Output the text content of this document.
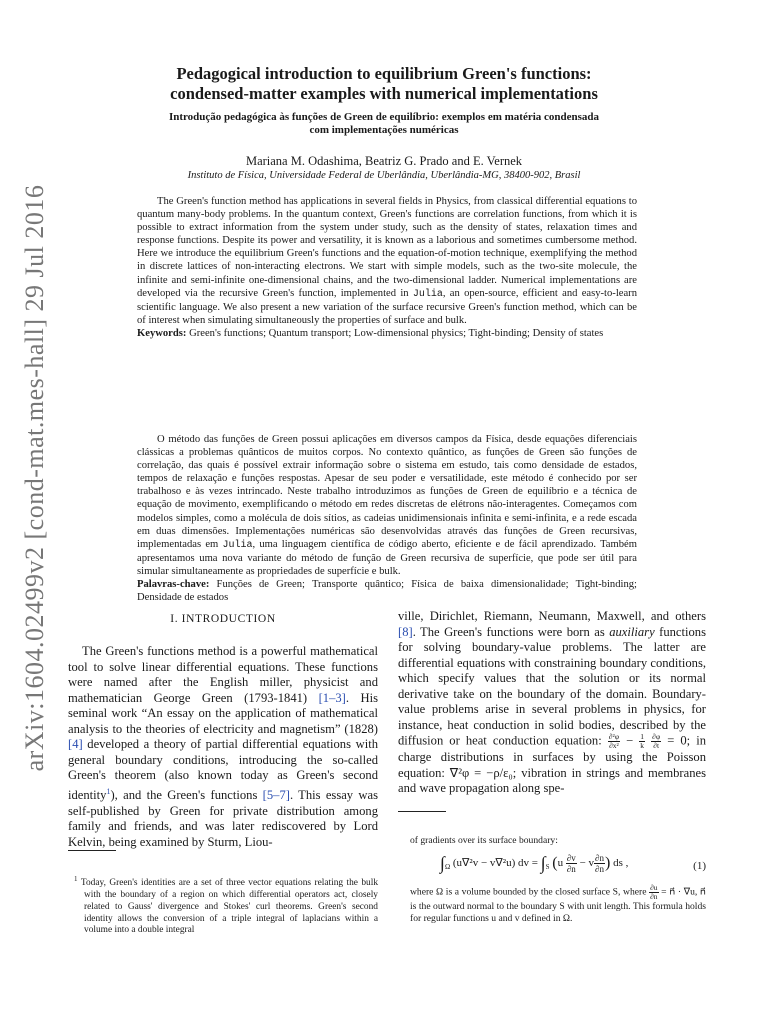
arXiv:1604.02499v2 [cond-mat.mes-hall] 29 Jul 2016
Pedagogical introduction to equilibrium Green's functions:
condensed-matter examples with numerical implementations
Introdução pedagógica às funções de Green de equilíbrio: exemplos em matéria condensada
com implementações numéricas
Mariana M. Odashima, Beatriz G. Prado and E. Vernek
Instituto de Física, Universidade Federal de Uberlândia, Uberlândia-MG, 38400-902, Brasil

The Green's function method has applications in several fields in Physics, from classical differential equations to quantum many-body problems. In the quantum context, Green's functions are correlation functions, from which it is possible to extract information from the system under study, such as the density of states, relaxation times and response functions. Despite its power and versatility, it is known as a laborious and sometimes cumbersome method. Here we introduce the equilibrium Green's functions and the equation-of-motion technique, exemplifying the method in discrete lattices of non-interacting electrons. We start with simple models, such as the two-site molecule, the infinite and semi-infinite one-dimensional chains, and the two-dimensional ladder. Numerical implementations are developed via the recursive Green's function, implemented in Julia, an open-source, efficient and easy-to-learn scientific language. We also present a new variation of the surface recursive Green's function method, which can be of interest when simulating simultaneously the properties of surface and bulk.

Keywords: Green's functions; Quantum transport; Low-dimensional physics; Tight-binding; Density of states

O método das funções de Green possui aplicações em diversos campos da Física, desde equações diferenciais clássicas a problemas quânticos de muitos corpos. No contexto quântico, as funções de Green são funções de correlação, das quais é possível extrair informação sobre o sistema em estudo, tais como densidade de estados, tempos de relaxação e funções respostas. Apesar de seu poder e versatilidade, este método é conhecido por ser trabalhoso e às vezes intrincado. Neste trabalho introduzimos as funções de Green de equilíbrio e a técnica de equação de movimento, exemplificando o método em redes discretas de elétrons não-interagentes. Começamos com modelos simples, como a molécula de dois sítios, as cadeias unidimensionais infinita e semi-infinita, e a rede escada em duas dimensões. Implementações numéricas são desenvolvidas através das funções de Green recursivas, implementadas em Julia, uma linguagem científica de código aberto, eficiente e de fácil aprendizado. Também apresentamos uma nova variante do método de função de Green recursiva de superfície, que pode ser útil para simular simultaneamente as propriedades de superfície e bulk.

Palavras-chave: Funções de Green; Transporte quântico; Física de baixa dimensionalidade; Tight-binding; Densidade de estados

I. INTRODUCTION

The Green's functions method is a powerful mathematical tool to solve linear differential equations. These functions were named after the English miller, physicist and mathematician George Green (1793-1841) [1–3]. His seminal work “An essay on the application of mathematical analysis to the theories of electricity and magnetism” (1828) [4] developed a theory of partial differential equations with general boundary conditions, introducing the so-called Green's theorem (also known today as Green's second identity$^1$), and the Green's functions [5–7]. This essay was self-published by Green for private distribution among family and friends, and was later rediscovered by Lord Kelvin, being examined by Sturm, Liou-

$^1$ Today, Green's identities are a set of three vector equations relating the bulk with the boundary of a region on which differential operators act, closely related to Gauss' divergence and Stokes' curl theorems. Green's second identity allows the conversion of a triple integral of laplacians within a volume into a double integral

ville, Dirichlet, Riemann, Neumann, Maxwell, and others [8]. The Green's functions were born as auxiliary functions for solving boundary-value problems. The latter are differential equations with constraining boundary conditions, which specify values that the solution or its normal derivative take on the boundary of the domain. Boundary-value problems arise in several problems in physics, for instance, heat conduction in solid bodies, described by the diffusion or heat conduction equation: $\frac{\text{∂²φ}}{\text{∂x²}} - \frac{1}{k}$
$\frac{\partial\varphi}{\partial t} = 0$; in charge distributions in surfaces by using the Poisson equation: ∇²φ = −ρ/ε₀; vibration in strings and membranes and wave propagation along spe-

of gradients over its surface boundary:
$\int_\Omega$ (u∇²v − v∇²u) dv = $\int_S$ ($u \frac{\partial v}{\partial n} - v \frac{\partial n}{\partial n}$ ) ds ,	(1)
where Ω is a volume bounded by the closed surface S, where $\frac{\partial u}{\partial n}$ = n⃗ · ∇u, n⃗ is the outward normal to the boundary S with unit length. This formula holds for regular functions u and v defined in Ω.
